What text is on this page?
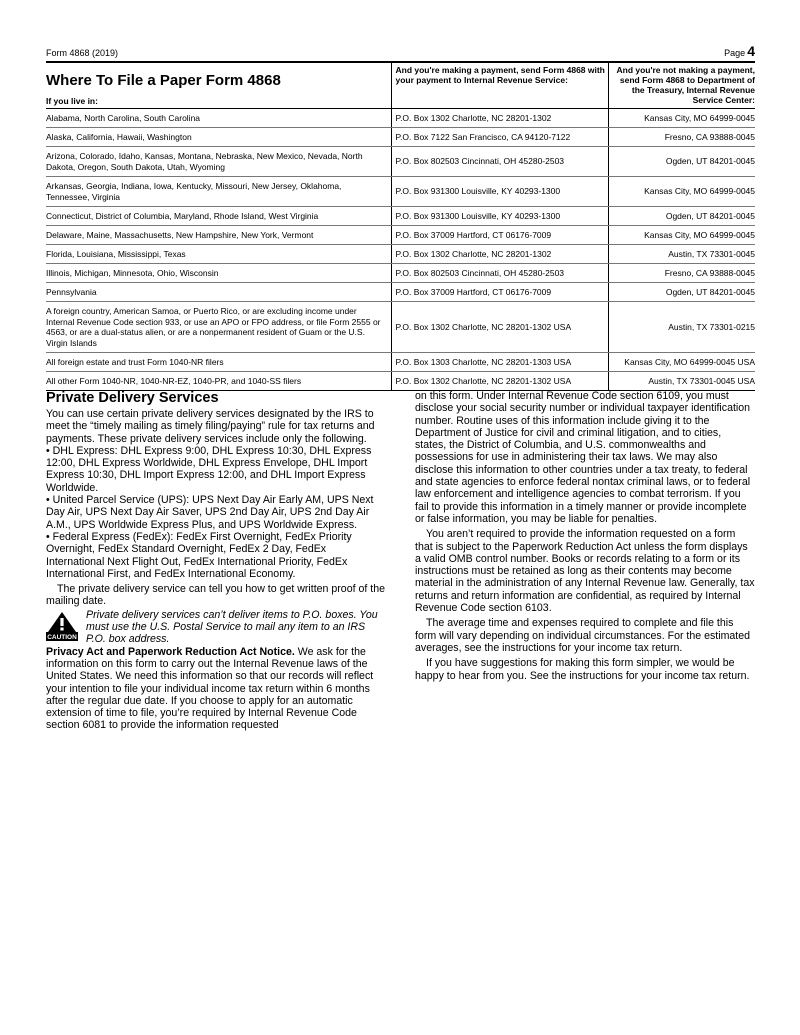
Form 4868 (2019)	Page 4
Where To File a Paper Form 4868
If you live in:	And you're making a payment, send Form 4868 with your payment to Internal Revenue Service:	And you're not making a payment, send Form 4868 to Department of the Treasury, Internal Revenue Service Center:
Alabama, North Carolina, South Carolina	P.O. Box 1302 Charlotte, NC 28201-1302	Kansas City, MO 64999-0045
Alaska, California, Hawaii, Washington	P.O. Box 7122 San Francisco, CA 94120-7122	Fresno, CA 93888-0045
Arizona, Colorado, Idaho, Kansas, Montana, Nebraska, New Mexico, Nevada, North Dakota, Oregon, South Dakota, Utah, Wyoming	P.O. Box 802503 Cincinnati, OH 45280-2503	Ogden, UT 84201-0045
Arkansas, Georgia, Indiana, Iowa, Kentucky, Missouri, New Jersey, Oklahoma, Tennessee, Virginia	P.O. Box 931300 Louisville, KY 40293-1300	Kansas City, MO 64999-0045
Connecticut, District of Columbia, Maryland, Rhode Island, West Virginia	P.O. Box 931300 Louisville, KY 40293-1300	Ogden, UT 84201-0045
Delaware, Maine, Massachusetts, New Hampshire, New York, Vermont	P.O. Box 37009 Hartford, CT 06176-7009	Kansas City, MO 64999-0045
Florida, Louisiana, Mississippi, Texas	P.O. Box 1302 Charlotte, NC 28201-1302	Austin, TX 73301-0045
Illinois, Michigan, Minnesota, Ohio, Wisconsin	P.O. Box 802503 Cincinnati, OH 45280-2503	Fresno, CA 93888-0045
Pennsylvania	P.O. Box 37009 Hartford, CT 06176-7009	Ogden, UT 84201-0045
A foreign country, American Samoa, or Puerto Rico, or are excluding income under Internal Revenue Code section 933, or use an APO or FPO address, or file Form 2555 or 4563, or are a dual-status alien, or are a nonpermanent resident of Guam or the U.S. Virgin Islands	P.O. Box 1302 Charlotte, NC 28201-1302 USA	Austin, TX 73301-0215
All foreign estate and trust Form 1040-NR filers	P.O. Box 1303 Charlotte, NC 28201-1303 USA	Kansas City, MO 64999-0045 USA
All other Form 1040-NR, 1040-NR-EZ, 1040-PR, and 1040-SS filers	P.O. Box 1302 Charlotte, NC 28201-1302 USA	Austin, TX 73301-0045 USA
Private Delivery Services

You can use certain private delivery services designated by the IRS to meet the “timely mailing as timely filing/paying” rule for tax returns and payments. These private delivery services include only the following.

• DHL Express: DHL Express 9:00, DHL Express 10:30, DHL Express 12:00, DHL Express Worldwide, DHL Express Envelope, DHL Import Express 10:30, DHL Import Express 12:00, and DHL Import Express Worldwide.

• United Parcel Service (UPS): UPS Next Day Air Early AM, UPS Next Day Air, UPS Next Day Air Saver, UPS 2nd Day Air, UPS 2nd Day Air A.M., UPS Worldwide Express Plus, and UPS Worldwide Express.

• Federal Express (FedEx): FedEx First Overnight, FedEx Priority Overnight, FedEx Standard Overnight, FedEx 2 Day, FedEx International Next Flight Out, FedEx International Priority, FedEx International First, and FedEx International Economy.

The private delivery service can tell you how to get written proof of the mailing date.

CAUTION
Private delivery services can’t deliver items to P.O. boxes. You must use the U.S. Postal Service to mail any item to an IRS P.O. box address.

Privacy Act and Paperwork Reduction Act Notice. We ask for the information on this form to carry out the Internal Revenue laws of the United States. We need this information so that our records will reflect your intention to file your individual income tax return within 6 months after the regular due date. If you choose to apply for an automatic extension of time to file, you’re required by Internal Revenue Code section 6081 to provide the information requested

on this form. Under Internal Revenue Code section 6109, you must disclose your social security number or individual taxpayer identification number. Routine uses of this information include giving it to the Department of Justice for civil and criminal litigation, and to cities, states, the District of Columbia, and U.S. commonwealths and possessions for use in administering their tax laws. We may also disclose this information to other countries under a tax treaty, to federal and state agencies to enforce federal nontax criminal laws, or to federal law enforcement and intelligence agencies to combat terrorism. If you fail to provide this information in a timely manner or provide incomplete or false information, you may be liable for penalties.

You aren’t required to provide the information requested on a form that is subject to the Paperwork Reduction Act unless the form displays a valid OMB control number. Books or records relating to a form or its instructions must be retained as long as their contents may become material in the administration of any Internal Revenue law. Generally, tax returns and return information are confidential, as required by Internal Revenue Code section 6103.

The average time and expenses required to complete and file this form will vary depending on individual circumstances. For the estimated averages, see the instructions for your income tax return.

If you have suggestions for making this form simpler, we would be happy to hear from you. See the instructions for your income tax return.
